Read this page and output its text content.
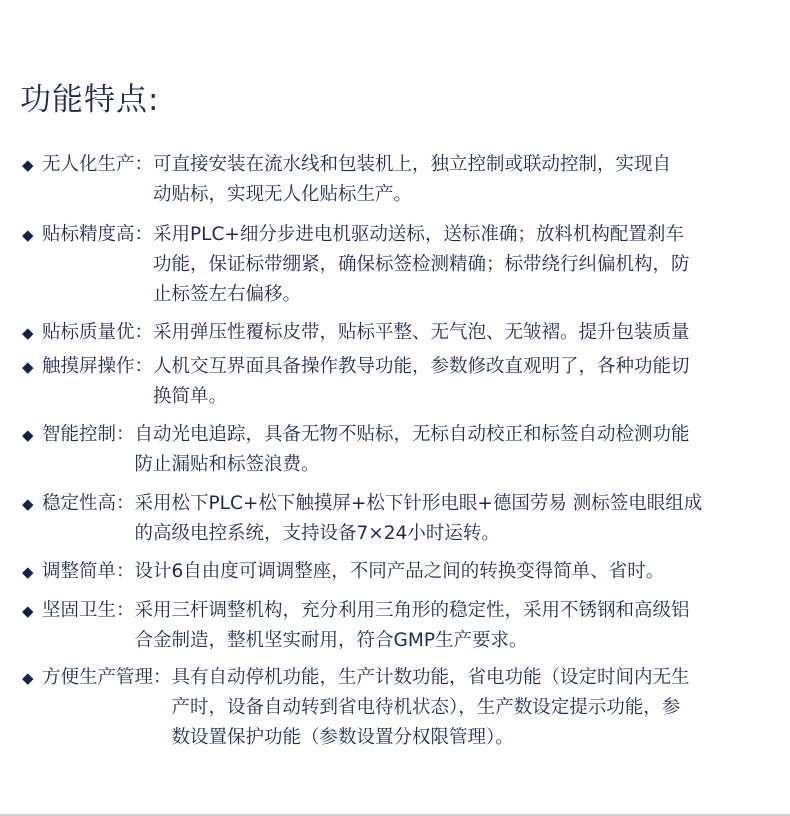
功能特点:
◆ 无人化生产： 可直接安装在流水线和包装机上，独立控制或联动控制，实现自
动贴标，实现无人化贴标生产。
◆ 贴标精度高： 采用PLC+细分步进电机驱动送标，送标准确；放料机构配置刹车
功能，保证标带绷紧，确保标签检测精确；标带绕行纠偏机构，防
止标签左右偏移。
◆ 贴标质量优： 采用弹压性覆标皮带，贴标平整、无气泡、无皱褶。提升包装质量
◆ 触摸屏操作： 人机交互界面具备操作教导功能，参数修改直观明了，各种功能切
换简单。
◆ 智能控制： 自动光电追踪，具备无物不贴标，无标自动校正和标签自动检测功能
防止漏贴和标签浪费。
◆ 稳定性高： 采用松下PLC+松下触摸屏+松下针形电眼+德国劳易 测标签电眼组成
的高级电控系统，支持设备7×24小时运转。
◆ 调整简单： 设计6自由度可调调整座，不同产品之间的转换变得简单、省时。
◆ 坚固卫生： 采用三杆调整机构，充分利用三角形的稳定性，采用不锈钢和高级铝
合金制造，整机坚实耐用，符合GMP生产要求。
◆ 方便生产管理： 具有自动停机功能，生产计数功能，省电功能（设定时间内无生
产时，设备自动转到省电待机状态），生产数设定提示功能，参
数设置保护功能（参数设置分权限管理）。
